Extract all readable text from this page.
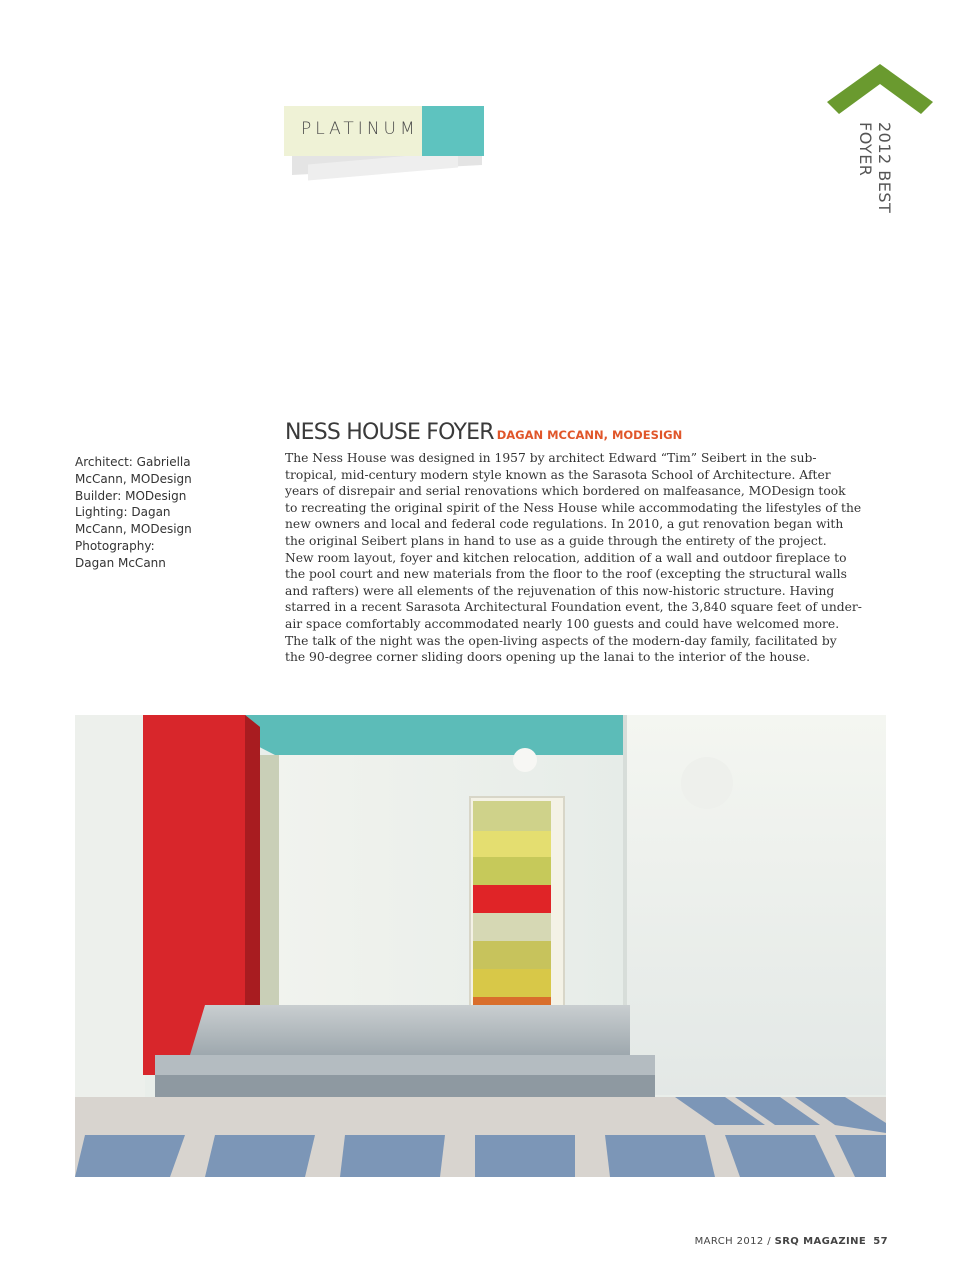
PLATINUM	2012 BEST FOYER
NESS HOUSE FOYER DAGAN MCCANN, MODESIGN
Architect: Gabriella
McCann, MODesign
Builder: MODesign
Lighting: Dagan
McCann, MODesign
Photography:
Dagan McCann
The Ness House was designed in 1957 by architect Edward “Tim” Seibert in the sub-
tropical, mid-century modern style known as the Sarasota School of Architecture. After
years of disrepair and serial renovations which bordered on malfeasance, MODesign took
to recreating the original spirit of the Ness House while accommodating the lifestyles of the
new owners and local and federal code regulations. In 2010, a gut renovation began with
the original Seibert plans in hand to use as a guide through the entirety of the project.
New room layout, foyer and kitchen relocation, addition of a wall and outdoor fireplace to
the pool court and new materials from the floor to the roof (excepting the structural walls
and rafters) were all elements of the rejuvenation of this now-historic structure. Having
starred in a recent Sarasota Architectural Foundation event, the 3,840 square feet of under-
air space comfortably accommodated nearly 100 guests and could have welcomed more.
The talk of the night was the open-living aspects of the modern-day family, facilitated by
the 90-degree corner sliding doors opening up the lanai to the interior of the house.
MARCH 2012 / SRQ MAGAZINE 57
